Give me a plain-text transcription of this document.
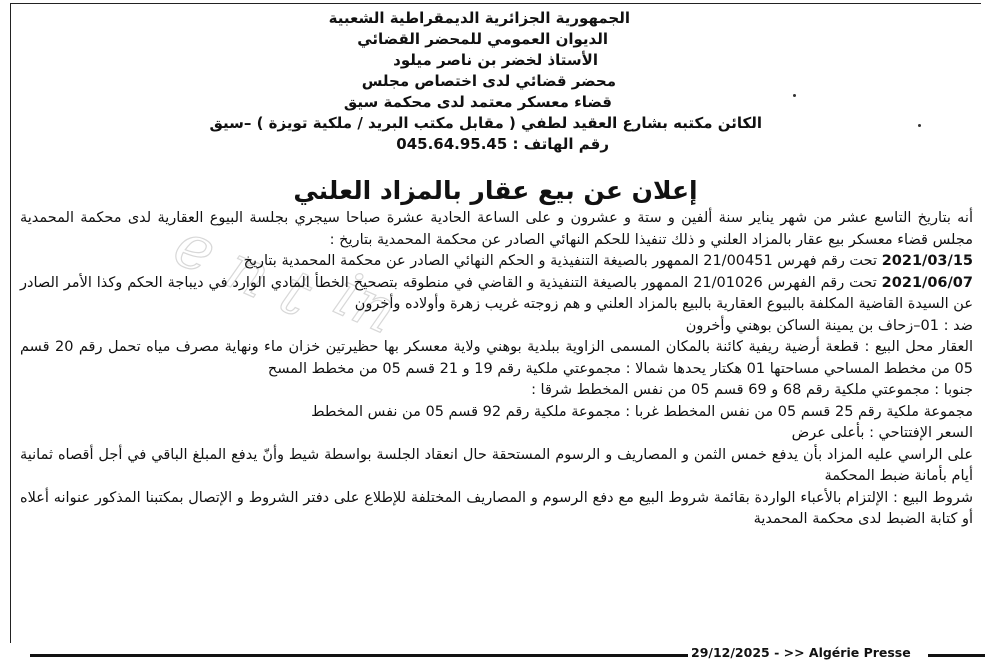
e n t in
الجمهورية الجزائرية الديمقراطية الشعبية
الديوان العمومي للمحضر القضائي
الأستاذ لخضر بن ناصر ميلود
محضر قضائي لدى اختصاص مجلس
قضاء معسكر معتمد لدى محكمة سيق
الكائن مكتبه بشارع العقيد لطفي ( مقابل مكتب البريد / ملكية تويزة ) –سيق
رقم الهاتف : 045.64.95.45
إعلان عن بيع عقار بالمزاد العلني

أنه بتاريخ التاسع عشر من شهر يناير سنة ألفين و ستة و عشرون و على الساعة الحادية عشرة صباحا سيجري بجلسة البيوع العقارية لدى محكمة المحمدية مجلس قضاء معسكر بيع عقار بالمزاد العلني و ذلك تنفيذا للحكم النهائي الصادر عن محكمة المحمدية بتاريخ :

2021/03/15 تحت رقم فهرس 21/00451 الممهور بالصيغة التنفيذية و الحكم النهائي الصادر عن محكمة المحمدية بتاريخ

2021/06/07 تحت رقم الفهرس 21/01026 الممهور بالصيغة التنفيذية و القاضي في منطوقه بتصحيح الخطأ المادي الوارد في ديباجة الحكم وكذا الأمر الصادر عن السيدة القاضية المكلفة بالبيوع العقارية بالبيع بالمزاد العلني و هم زوجته غريب زهرة وأولاده وأخرون

ضد : 01–زحاف بن يمينة الساكن بوهني وأخرون

العقار محل البيع : قطعة أرضية ريفية كائنة بالمكان المسمى الزاوية ببلدية بوهني ولاية معسكر بها حظيرتين خزان ماء ونهاية مصرف مياه تحمل رقم 20 قسم 05 من مخطط المساحي مساحتها 01 هكتار يحدها شمالا : مجموعتي ملكية رقم 19 و 21 قسم 05 من مخطط المسح

جنوبا : مجموعتي ملكية رقم 68 و 69 قسم 05 من نفس المخطط شرقا :

مجموعة ملكية رقم 25 قسم 05 من نفس المخطط غربا : مجموعة ملكية رقم 92 قسم 05 من نفس المخطط

السعر الإفتتاحي : بأعلى عرض

على الراسي عليه المزاد بأن يدفع خمس الثمن و المصاريف و الرسوم المستحقة حال انعقاد الجلسة بواسطة شيط وأنّ يدفع المبلغ الباقي في أجل أقصاه ثمانية أيام بأمانة ضبط المحكمة

شروط البيع : الإلتزام بالأعباء الواردة بقائمة شروط البيع مع دفع الرسوم و المصاريف المختلفة للإطلاع على دفتر الشروط و الإتصال بمكتبنا المذكور عنوانه أعلاه أو كتابة الضبط لدى محكمة المحمدية

29/12/2025 - >> Algérie Presse
